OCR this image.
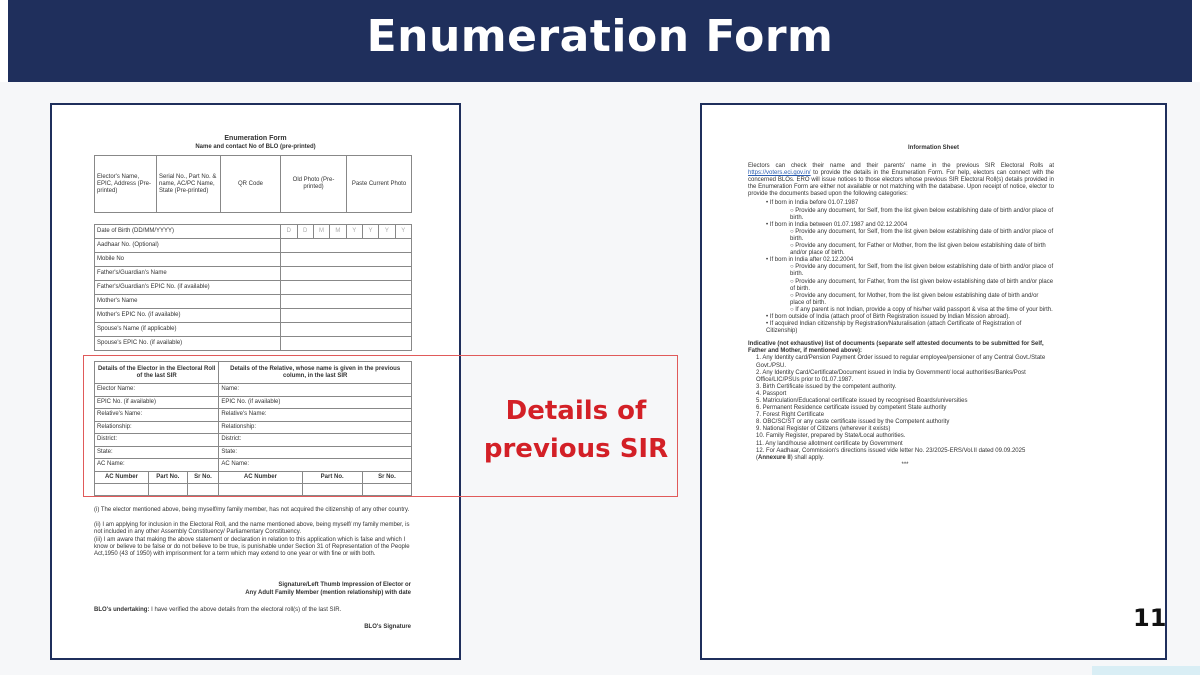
Enumeration Form
Enumeration Form
Name and contact No of BLO (pre-printed)
Elector's Name, EPIC, Address (Pre-printed)	Serial No., Part No. & name, AC/PC Name, State (Pre-printed)	QR Code	Old Photo (Pre-printed)	Paste Current Photo
Date of Birth (DD/MM/YYYY)	D	D	M	M	Y	Y	Y	Y
Aadhaar No. (Optional)								
Mobile No								
Father's/Guardian's Name								
Father's/Guardian's EPIC No. (if available)								
Mother's Name								
Mother's EPIC No. (if available)								
Spouse's Name (if applicable)								
Spouse's EPIC No. (if available)								
Details of the Elector in the Electoral Roll of the last SIR			Details of the Relative, whose name is given in the previous column, in the last SIR		
Elector Name:			Name:		
EPIC No. (if available)			EPIC No. (if available)		
Relative's Name:			Relative's Name:		
Relationship:			Relationship:		
District:			District:		
State:			State:		
AC Name:			AC Name:		
AC Number	Part No.	Sr No.	AC Number	Part No.	Sr No.

(i) The elector mentioned above, being myself/my family member, has not acquired the citizenship of any other country.
(ii) I am applying for inclusion in the Electoral Roll, and the name mentioned above, being myself/ my family member, is not included in any other Assembly Constituency/ Parliamentary Constituency.
(iii) I am aware that making the above statement or declaration in relation to this application which is false and which I know or believe to be false or do not believe to be true, is punishable under Section 31 of Representation of the People Act,1950 (43 of 1950) with imprisonment for a term which may extend to one year or with fine or with both.
Signature/Left Thumb Impression of Elector or
Any Adult Family Member (mention relationship) with date
BLO's undertaking: I have verified the above details from the electoral roll(s) of the last SIR.
BLO's Signature
Information Sheet
Electors can check their name and their parents' name in the previous SIR Electoral Rolls at https://voters.eci.gov.in/ to provide the details in the Enumeration Form. For help, electors can connect with the concerned BLOs. ERO will issue notices to those electors whose previous SIR Electoral Roll(s) details provided in the Enumeration Form are either not available or not matching with the database. Upon receipt of notice, elector to provide the documents based upon the following categories:
• If born in India before 01.07.1987
○ Provide any document, for Self, from the list given below establishing date of birth and/or place of birth.
• If born in India between 01.07.1987 and 02.12.2004
○ Provide any document, for Self, from the list given below establishing date of birth and/or place of birth.
○ Provide any document, for Father or Mother, from the list given below establishing date of birth and/or place of birth.
• If born in India after 02.12.2004
○ Provide any document, for Self, from the list given below establishing date of birth and/or place of birth.
○ Provide any document, for Father, from the list given below establishing date of birth and/or place of birth.
○ Provide any document, for Mother, from the list given below establishing date of birth and/or place of birth.
○ If any parent is not Indian, provide a copy of his/her valid passport & visa at the time of your birth.
• If born outside of India (attach proof of Birth Registration issued by Indian Mission abroad).
• If acquired Indian citizenship by Registration/Naturalisation (attach Certificate of Registration of Citizenship)
Indicative (not exhaustive) list of documents (separate self attested documents to be submitted for Self, Father and Mother, if mentioned above):
1. Any Identity card/Pension Payment Order issued to regular employee/pensioner of any Central Govt./State Govt./PSU.
2. Any Identity Card/Certificate/Document issued in India by Government/ local authorities/Banks/Post Office/LIC/PSUs prior to 01.07.1987.
3. Birth Certificate issued by the competent authority.
4. Passport
5. Matriculation/Educational certificate issued by recognised Boards/universities
6. Permanent Residence certificate issued by competent State authority
7. Forest Right Certificate
8. OBC/SC/ST or any caste certificate issued by the Competent authority
9. National Register of Citizens (wherever it exists)
10. Family Register, prepared by State/Local authorities.
11. Any land/house allotment certificate by Government
12. For Aadhaar, Commission's directions issued vide letter No. 23/2025-ERS/Vol.II dated 09.09.2025 (Annexure II) shall apply.
***
Details of
previous SIR
11
